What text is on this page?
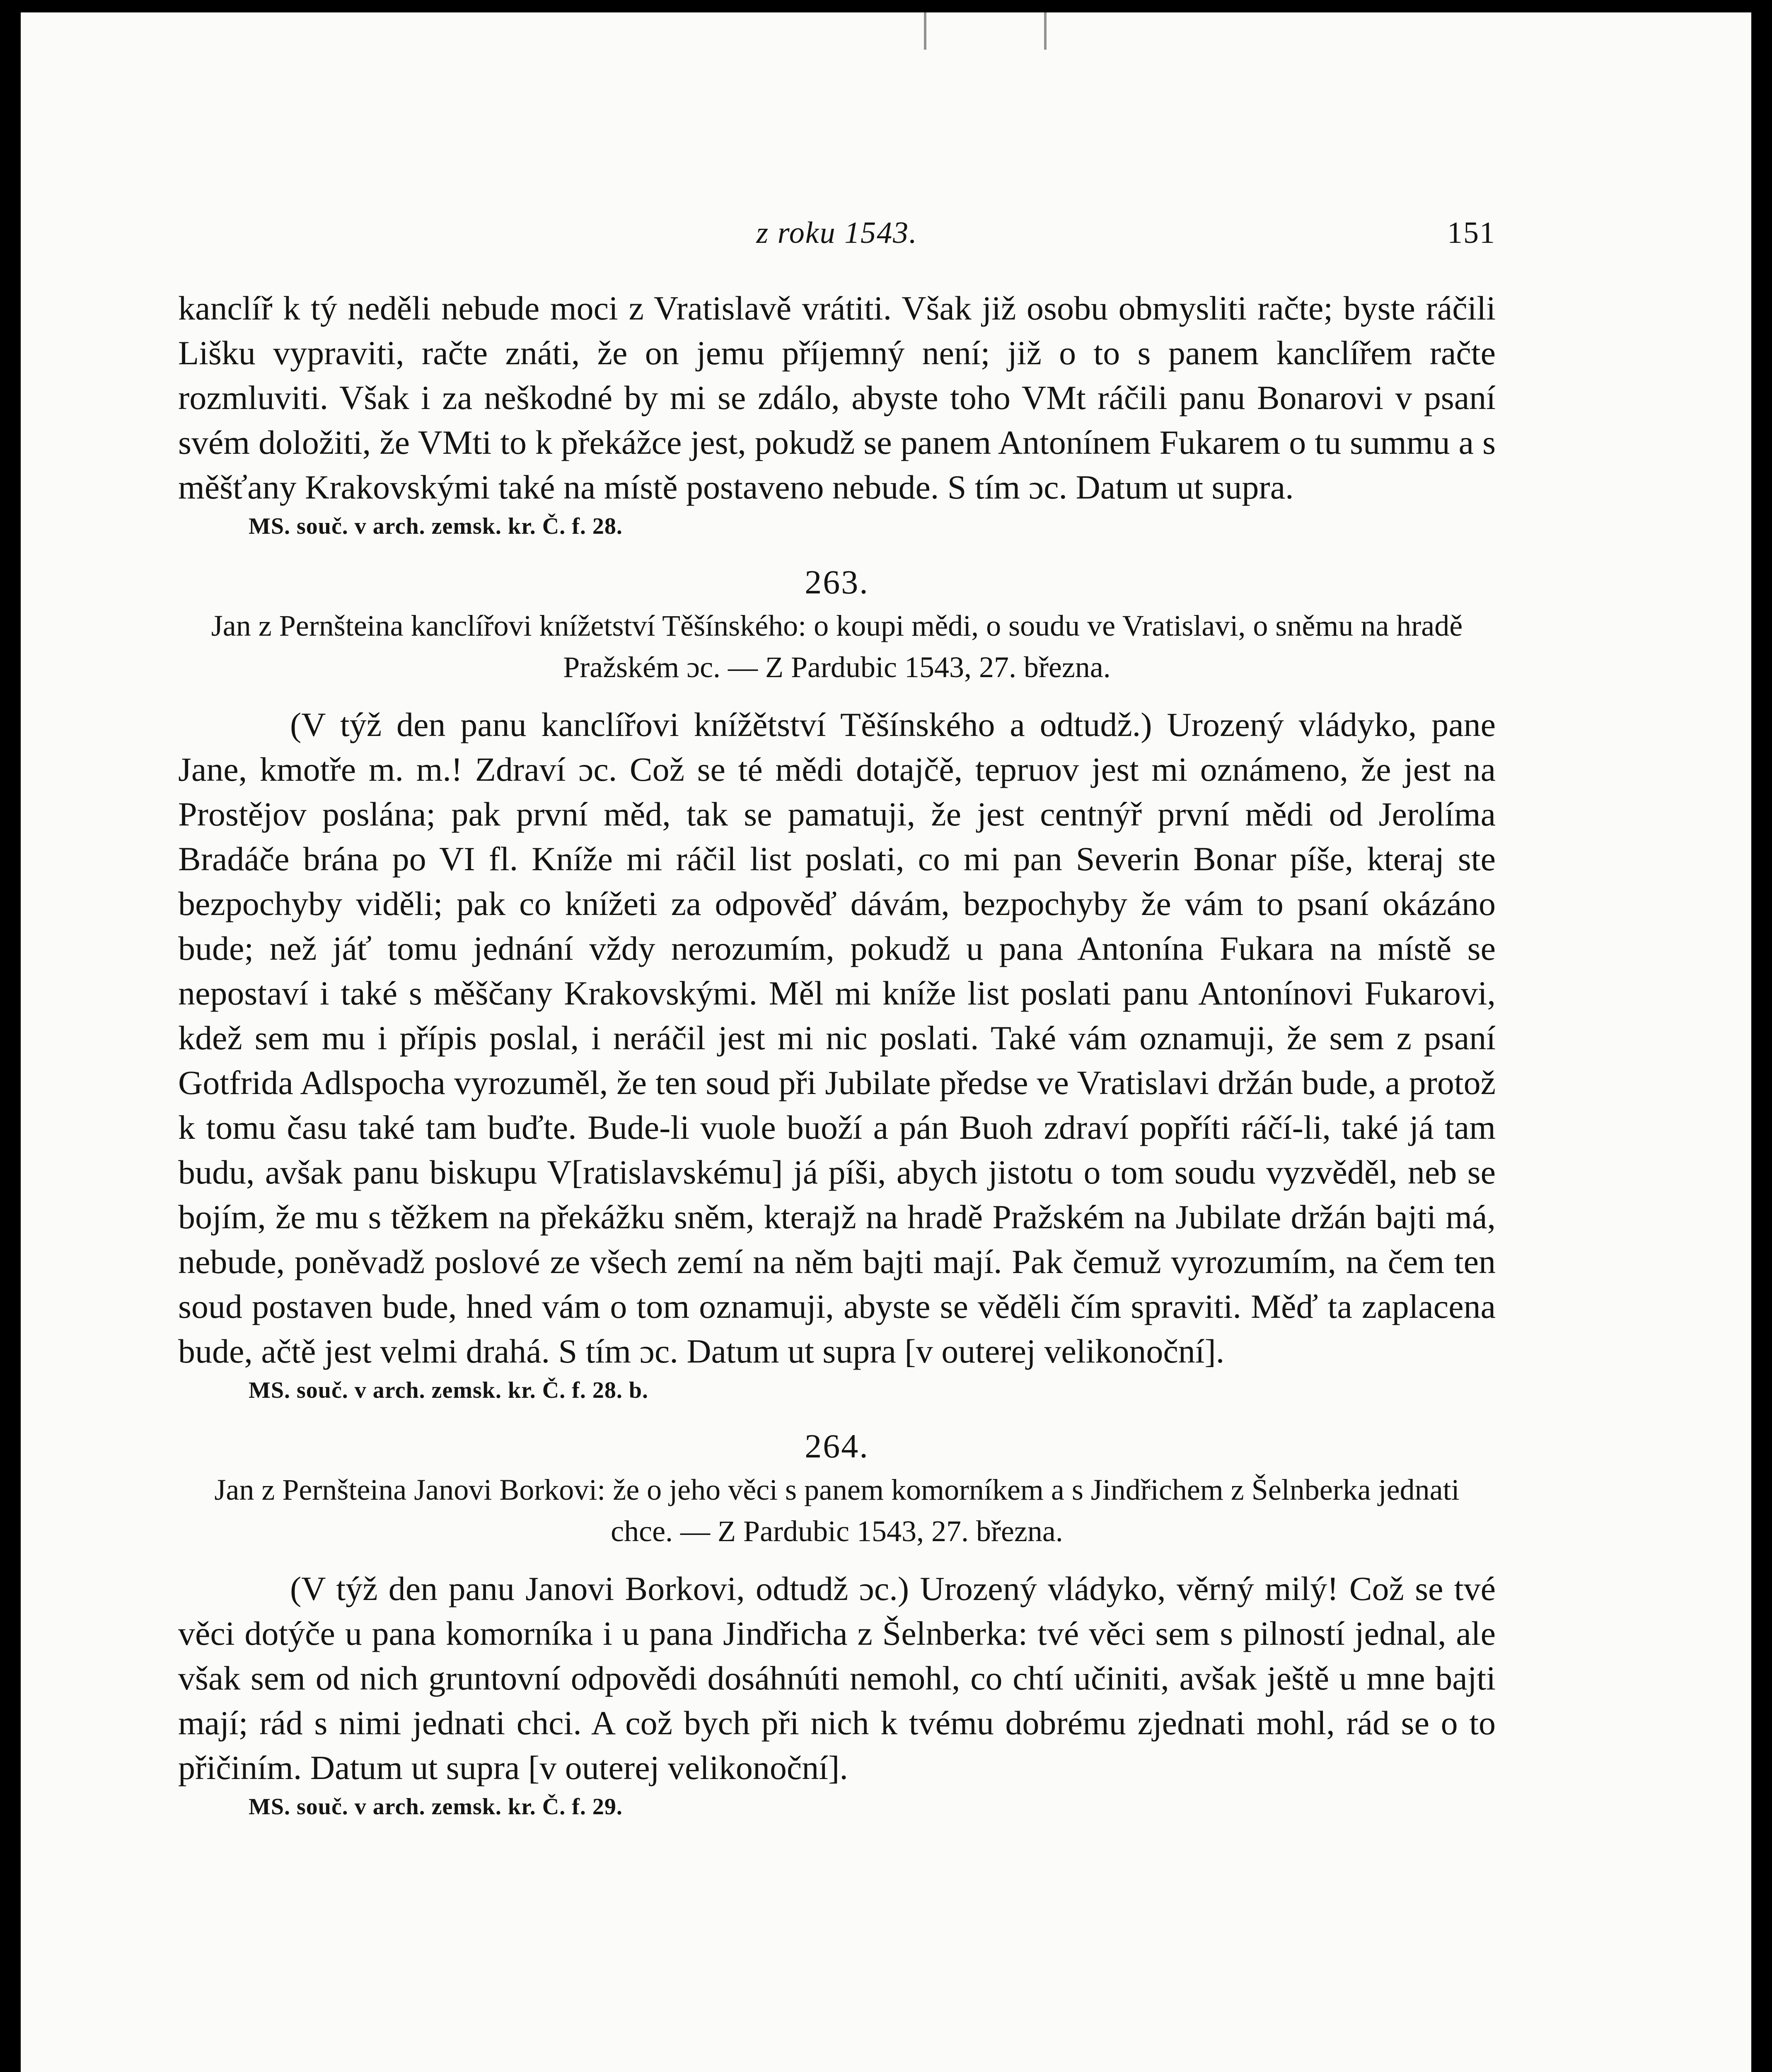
z roku 1543.	151

kanclíř k tý neděli nebude moci z Vratislavě vrátiti. Však již osobu obmysliti račte; byste ráčili Lišku vypraviti, račte znáti, že on jemu příjemný není; již o to s panem kanclířem račte rozmluviti. Však i za neškodné by mi se zdálo, abyste toho VMt ráčili panu Bonarovi v psaní svém doložiti, že VMti to k překážce jest, pokudž se panem Antonínem Fukarem o tu summu a s měšťany Krakovskými také na místě postaveno nebude. S tím ɔc. Datum ut supra.

MS. souč. v arch. zemsk. kr. Č. f. 28.

263.

Jan z Pernšteina kanclířovi knížetství Těšínského: o koupi mědi, o soudu ve Vratislavi, o sněmu na hradě Pražském ɔc. — Z Pardubic 1543, 27. března.

(V týž den panu kanclířovi knížětství Těšínského a odtudž.) Urozený vládyko, pane Jane, kmotře m. m.! Zdraví ɔc. Což se té mědi dotajčě, tepruov jest mi oznámeno, že jest na Prostějov poslána; pak první měd, tak se pamatuji, že jest centnýř první mědi od Jerolíma Bradáče brána po VI fl. Kníže mi ráčil list poslati, co mi pan Severin Bonar píše, kteraj ste bezpochyby viděli; pak co knížeti za odpověď dávám, bezpochyby že vám to psaní okázáno bude; než jáť tomu jednání vždy nerozumím, pokudž u pana Antonína Fukara na místě se nepostaví i také s měščany Krakovskými. Měl mi kníže list poslati panu Antonínovi Fukarovi, kdež sem mu i přípis poslal, i neráčil jest mi nic poslati. Také vám oznamuji, že sem z psaní Gotfrida Adlspocha vyrozuměl, že ten soud při Jubilate předse ve Vratislavi držán bude, a protož k tomu času také tam buďte. Bude-li vuole buoží a pán Buoh zdraví popříti ráčí-li, také já tam budu, avšak panu biskupu V[ratislavskému] já píši, abych jistotu o tom soudu vyzvěděl, neb se bojím, že mu s těžkem na překážku sněm, kterajž na hradě Pražském na Jubilate držán bajti má, nebude, poněvadž poslové ze všech zemí na něm bajti mají. Pak čemuž vyrozumím, na čem ten soud postaven bude, hned vám o tom oznamuji, abyste se věděli čím spraviti. Měď ta zaplacena bude, ačtě jest velmi drahá. S tím ɔc. Datum ut supra [v outerej velikonoční].

MS. souč. v arch. zemsk. kr. Č. f. 28. b.

264.

Jan z Pernšteina Janovi Borkovi: že o jeho věci s panem komorníkem a s Jindřichem z Šelnberka jednati chce. — Z Pardubic 1543, 27. března.

(V týž den panu Janovi Borkovi, odtudž ɔc.) Urozený vládyko, věrný milý! Což se tvé věci dotýče u pana komorníka i u pana Jindřicha z Šelnberka: tvé věci sem s pilností jednal, ale však sem od nich gruntovní odpovědi dosáhnúti nemohl, co chtí učiniti, avšak ještě u mne bajti mají; rád s nimi jednati chci. A což bych při nich k tvému dobrému zjednati mohl, rád se o to přičiním. Datum ut supra [v outerej velikonoční].

MS. souč. v arch. zemsk. kr. Č. f. 29.
